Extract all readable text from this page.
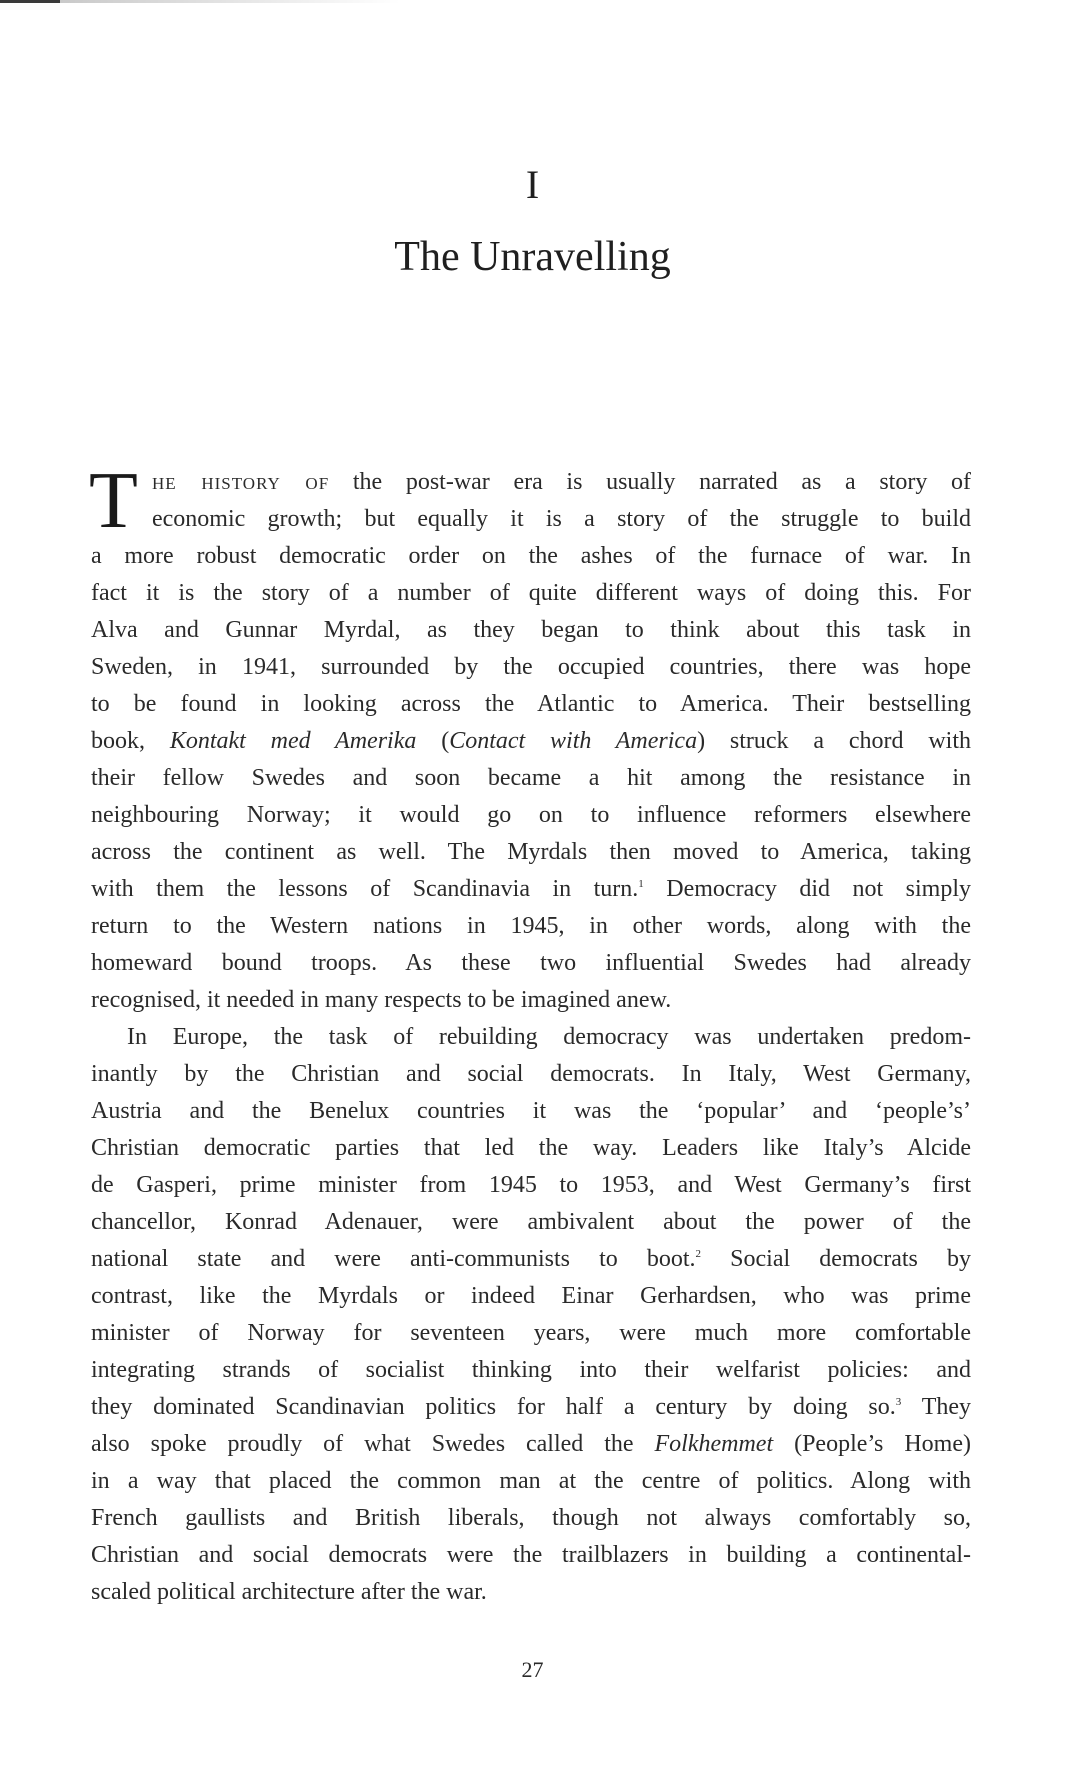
I
The Unravelling
T he history of the post-war era is usually narrated as a story of
economic growth; but equally it is a story of the struggle to build
a more robust democratic order on the ashes of the furnace of war. In
fact it is the story of a number of quite different ways of doing this. For
Alva and Gunnar Myrdal, as they began to think about this task in
Sweden, in 1941, surrounded by the occupied countries, there was hope
to be found in looking across the Atlantic to America. Their bestselling
book, Kontakt med Amerika (Contact with America) struck a chord with
their fellow Swedes and soon became a hit among the resistance in
neighbouring Norway; it would go on to influence reformers elsewhere
across the continent as well. The Myrdals then moved to America, taking
with them the lessons of Scandinavia in turn.$^1$ Democracy did not simply
return to the Western nations in 1945, in other words, along with the
homeward bound troops. As these two influential Swedes had already
recognised, it needed in many respects to be imagined anew.
In Europe, the task of rebuilding democracy was undertaken predom-
inantly by the Christian and social democrats. In Italy, West Germany,
Austria and the Benelux countries it was the ‘popular’ and ‘people’s’
Christian democratic parties that led the way. Leaders like Italy’s Alcide
de Gasperi, prime minister from 1945 to 1953, and West Germany’s first
chancellor, Konrad Adenauer, were ambivalent about the power of the
national state and were anti-communists to boot.$^2$ Social democrats by
contrast, like the Myrdals or indeed Einar Gerhardsen, who was prime
minister of Norway for seventeen years, were much more comfortable
integrating strands of socialist thinking into their welfarist policies: and
they dominated Scandinavian politics for half a century by doing so.$^3$ They
also spoke proudly of what Swedes called the Folkhemmet (People’s Home)
in a way that placed the common man at the centre of politics. Along with
French gaullists and British liberals, though not always comfortably so,
Christian and social democrats were the trailblazers in building a continental-
scaled political architecture after the war.
27
